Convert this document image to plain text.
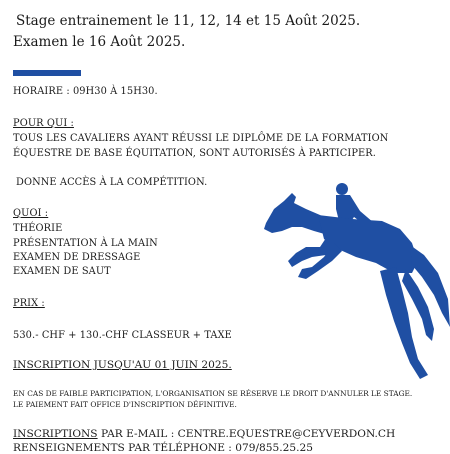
Stage entrainement le 11, 12, 14 et 15 Août 2025.
Examen le 16 Août 2025.
HORAIRE : 09H30 À 15H30.
POUR QUI :
TOUS LES CAVALIERS AYANT RÉUSSI LE DIPLÔME DE LA FORMATION
ÉQUESTRE DE BASE ÉQUITATION, SONT AUTORISÉS À PARTICIPER.
DONNE ACCÈS À LA COMPÉTITION.
QUOI :
THÉORIE
PRÉSENTATION À LA MAIN
EXAMEN DE DRESSAGE
EXAMEN DE SAUT
PRIX :
530.- CHF + 130.-CHF CLASSEUR + TAXE
INSCRIPTION JUSQU'AU 01 JUIN 2025.
EN CAS DE FAIBLE PARTICIPATION, L'ORGANISATION SE RÉSERVE LE DROIT D'ANNULER LE STAGE.
LE PAIEMENT FAIT OFFICE D'INSCRIPTION DÉFINITIVE.
INSCRIPTIONS PAR E-MAIL : CENTRE.EQUESTRE@CEYVERDON.CH
RENSEIGNEMENTS PAR TÉLÉPHONE : 079/855.25.25
